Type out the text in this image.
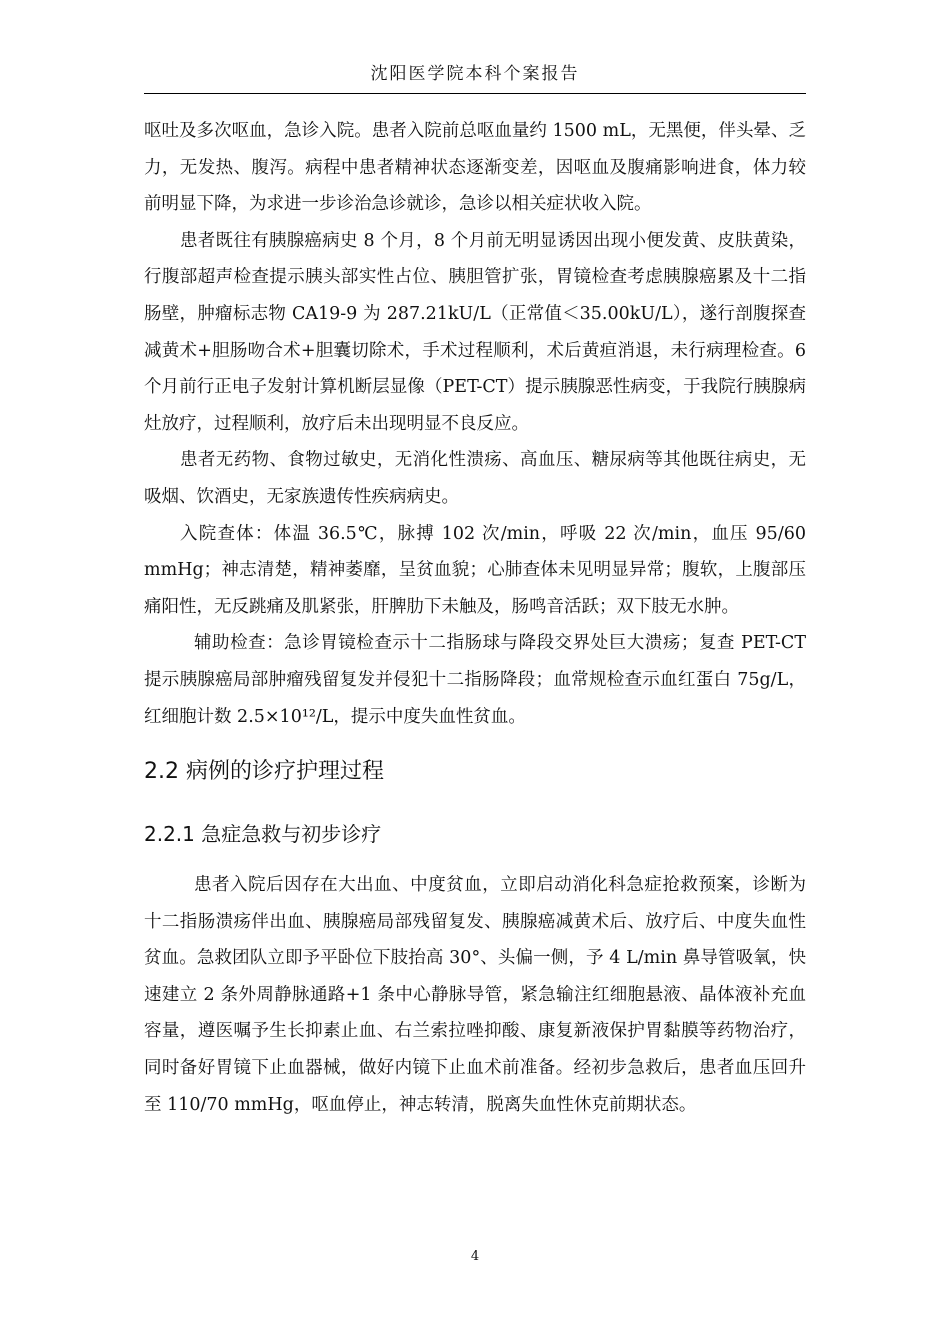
沈阳医学院本科个案报告

呕吐及多次呕血，急诊入院。患者入院前总呕血量约 1500 mL，无黑便，伴头晕、乏力，无发热、腹泻。病程中患者精神状态逐渐变差，因呕血及腹痛影响进食，体力较前明显下降，为求进一步诊治急诊就诊，急诊以相关症状收入院。

患者既往有胰腺癌病史 8 个月，8 个月前无明显诱因出现小便发黄、皮肤黄染，行腹部超声检查提示胰头部实性占位、胰胆管扩张，胃镜检查考虑胰腺癌累及十二指肠壁，肿瘤标志物 CA19-9 为 287.21kU/L（正常值＜35.00kU/L），遂行剖腹探查减黄术+胆肠吻合术+胆囊切除术，手术过程顺利，术后黄疸消退，未行病理检查。6 个月前行正电子发射计算机断层显像（PET-CT）提示胰腺恶性病变，于我院行胰腺病灶放疗，过程顺利，放疗后未出现明显不良反应。

患者无药物、食物过敏史，无消化性溃疡、高血压、糖尿病等其他既往病史，无吸烟、饮酒史，无家族遗传性疾病病史。

入院查体：体温 36.5℃，脉搏 102 次/min，呼吸 22 次/min，血压 95/60 mmHg；神志清楚，精神萎靡，呈贫血貌；心肺查体未见明显异常；腹软，上腹部压痛阳性，无反跳痛及肌紧张，肝脾肋下未触及，肠鸣音活跃；双下肢无水肿。

辅助检查：急诊胃镜检查示十二指肠球与降段交界处巨大溃疡；复查 PET-CT 提示胰腺癌局部肿瘤残留复发并侵犯十二指肠降段；血常规检查示血红蛋白 75g/L，红细胞计数 2.5×10¹²/L，提示中度失血性贫血。

2.2 病例的诊疗护理过程
2.2.1 急症急救与初步诊疗

患者入院后因存在大出血、中度贫血，立即启动消化科急症抢救预案，诊断为十二指肠溃疡伴出血、胰腺癌局部残留复发、胰腺癌减黄术后、放疗后、中度失血性贫血。急救团队立即予平卧位下肢抬高 30°、头偏一侧，予 4 L/min 鼻导管吸氧，快速建立 2 条外周静脉通路+1 条中心静脉导管，紧急输注红细胞悬液、晶体液补充血容量，遵医嘱予生长抑素止血、右兰索拉唑抑酸、康复新液保护胃黏膜等药物治疗，同时备好胃镜下止血器械，做好内镜下止血术前准备。经初步急救后，患者血压回升至 110/70 mmHg，呕血停止，神志转清，脱离失血性休克前期状态。

4
